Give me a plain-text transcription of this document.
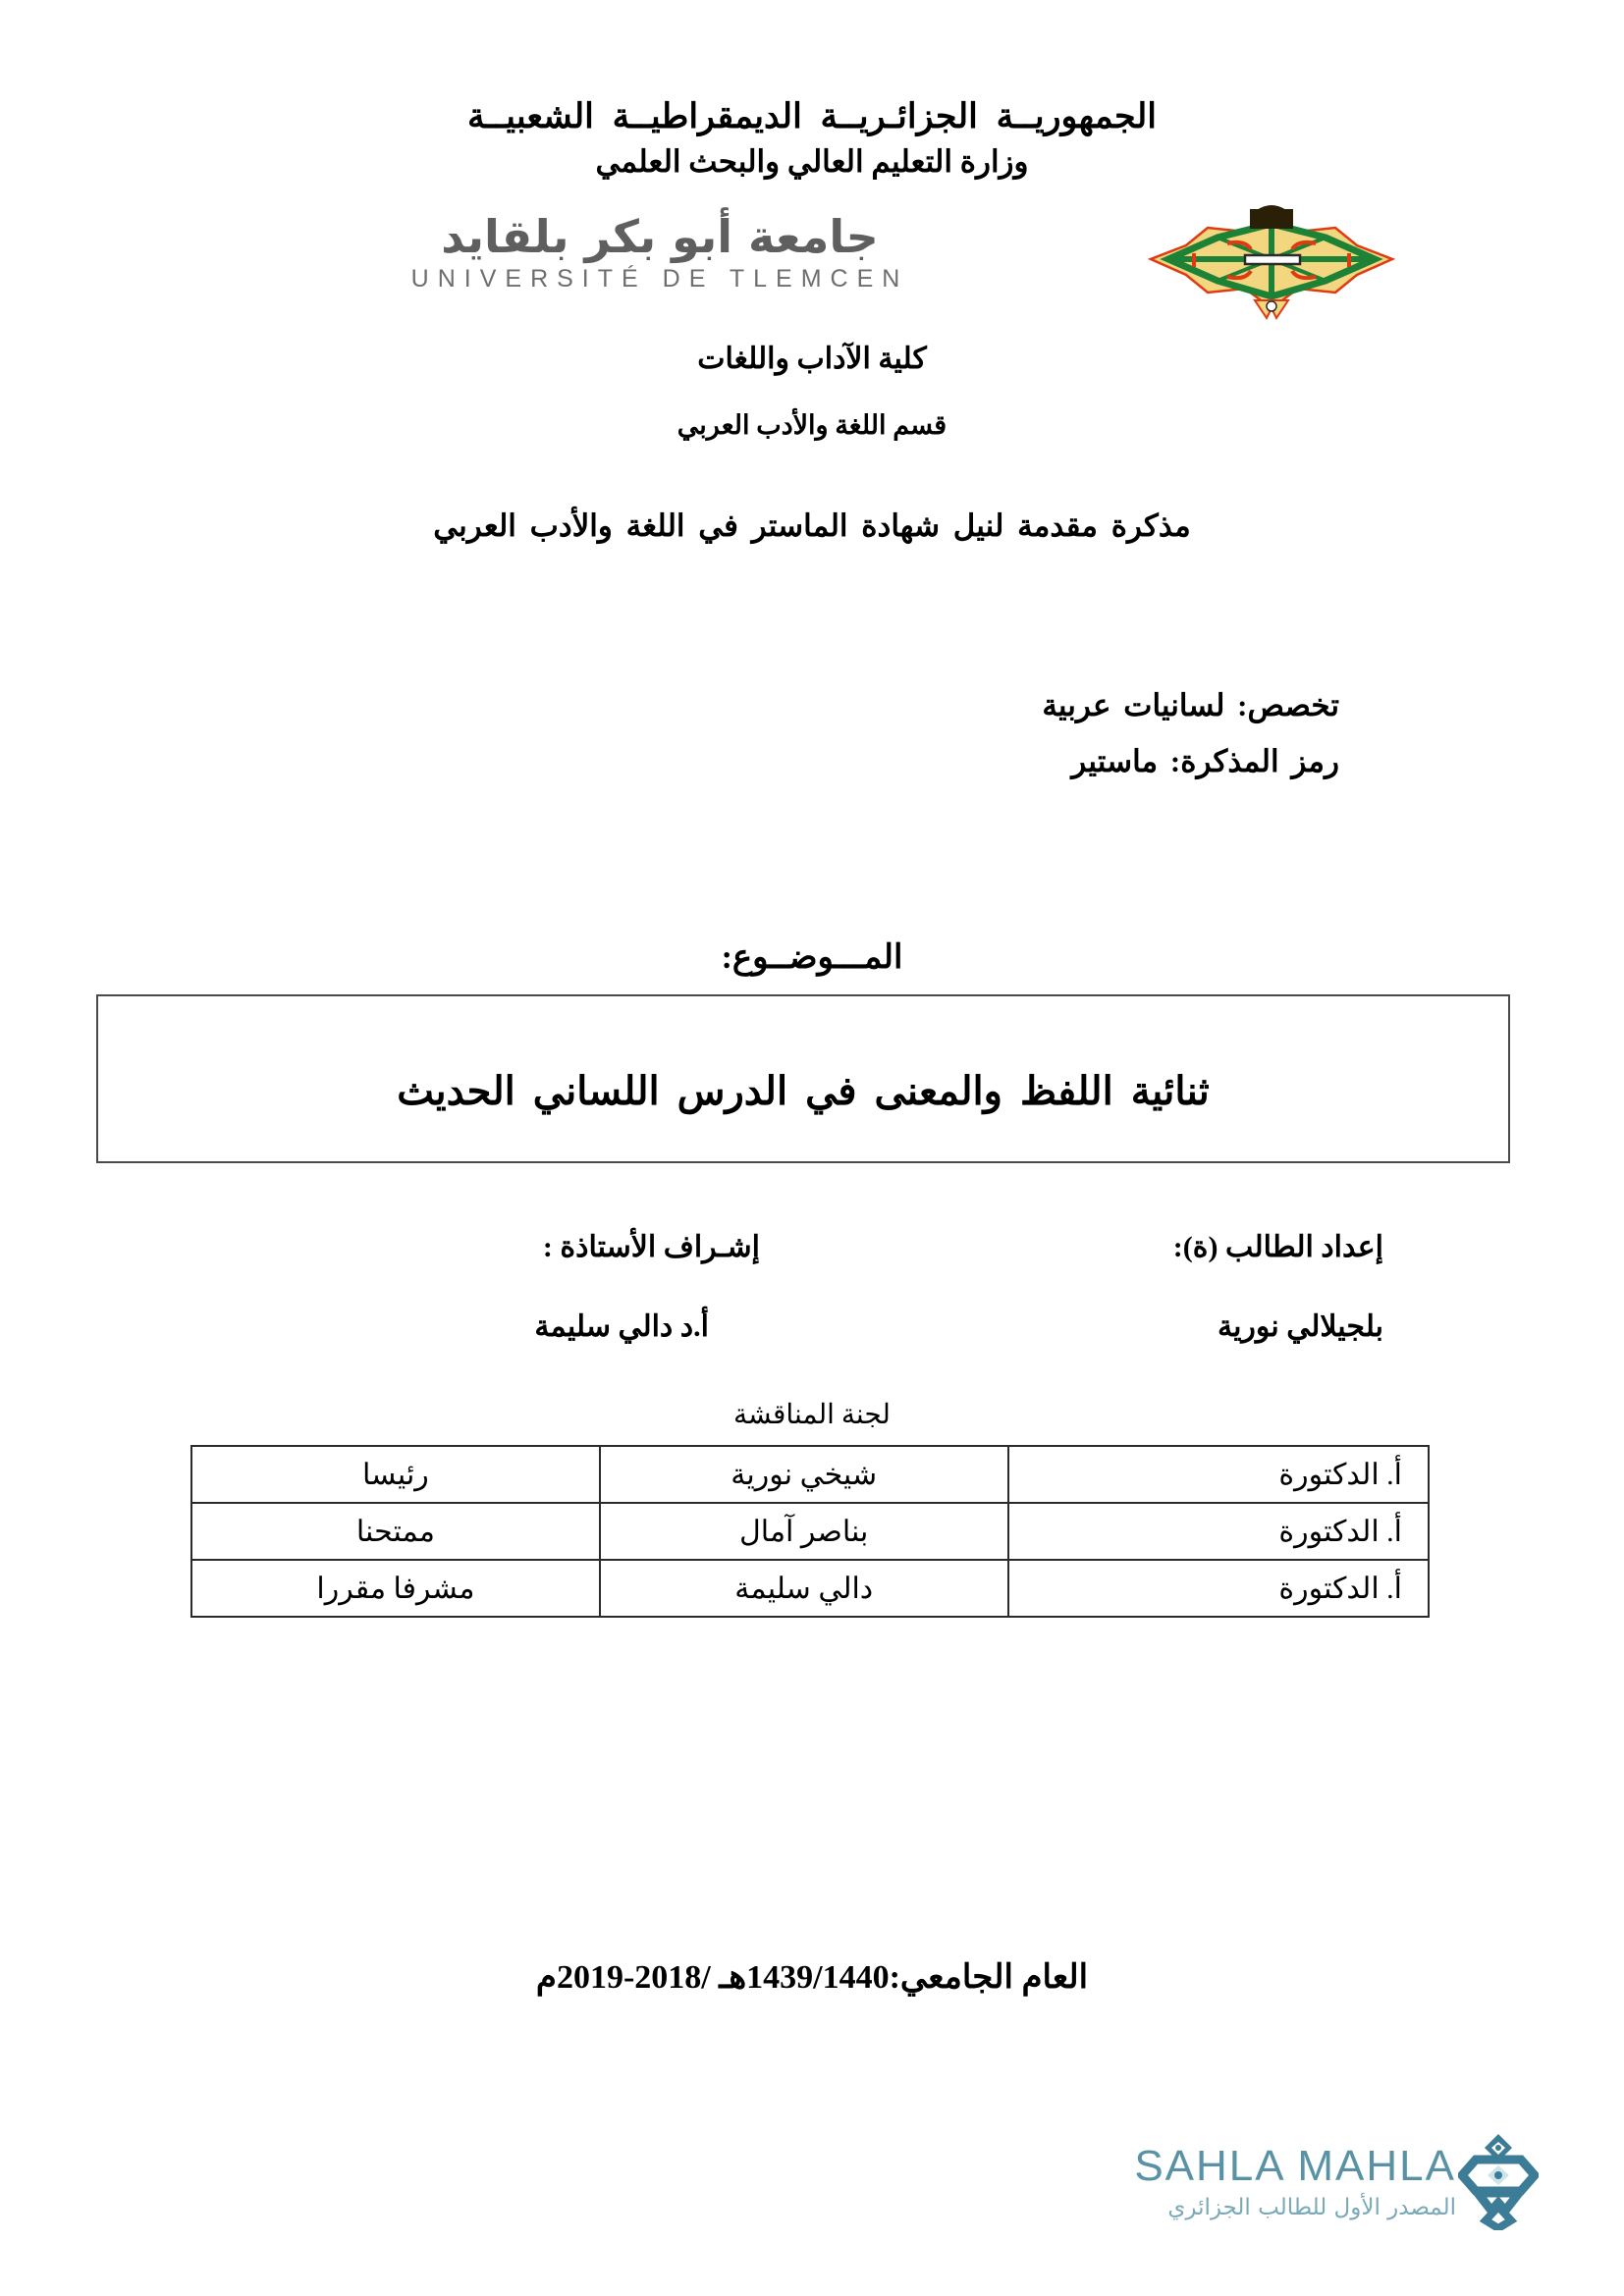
الجمهوريــة الجزائـريــة الديمقراطيــة الشعبيــة
وزارة التعليم العالي والبحث العلمي
جامعة أبو بكر بلقايد
UNIVERSITÉ DE TLEMCEN
كلية الآداب واللغات
قسم اللغة والأدب العربي
مذكرة مقدمة لنيل شهادة الماستر في اللغة والأدب العربي
تخصص: لسانيات عربية
رمز المذكرة: ماستير
المـــوضــوع:
ثنائية اللفظ والمعنى في الدرس اللساني الحديث
إعداد الطالب (ة):
بلجيلالي نورية
إشـراف الأستاذة :
أ.د دالي سليمة
لجنة المناقشة
أ. الدكتورة	شيخي نورية	رئيسا
أ. الدكتورة	بناصر آمال	ممتحنا
أ. الدكتورة	دالي سليمة	مشرفا مقررا
العام الجامعي:1439/1440هـ /2018-2019م
SAHLA MAHLA
المصدر الأول للطالب الجزائري
